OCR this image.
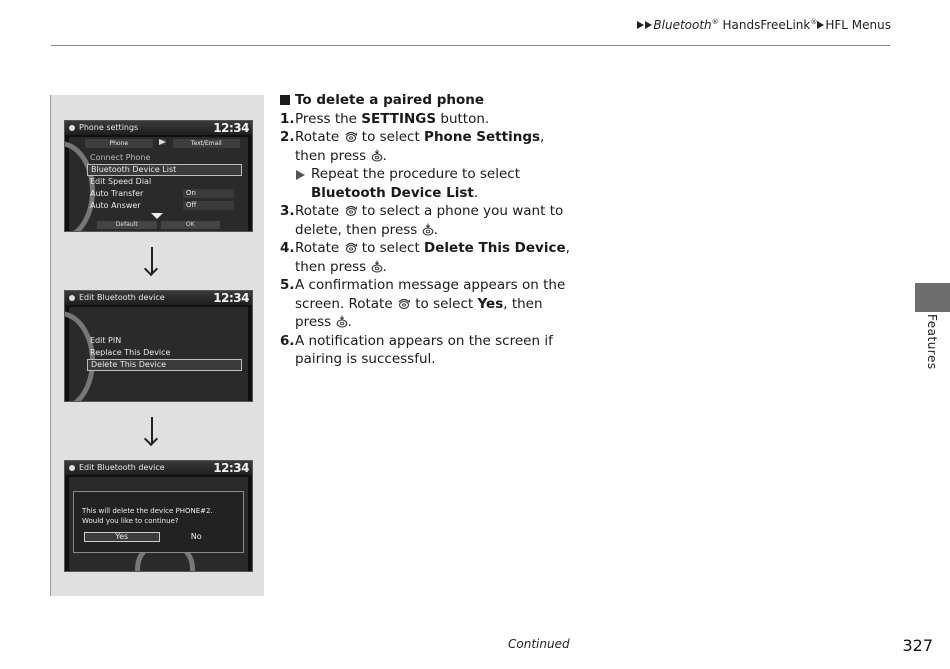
Bluetooth® HandsFreeLink® HFL Menus
Phone settings	12:34
Phone	Text/Email
Connect Phone
Bluetooth Device List
Edit Speed Dial
Auto Transfer	On
Auto Answer	Off
Default	OK
Edit Bluetooth device	12:34
Edit PIN
Replace This Device
Delete This Device
Edit Bluetooth device	12:34
This will delete the device PHONE#2.
Would you like to continue?
Yes	No
To delete a paired phone
1. Press the SETTINGS button.
2. Rotate  to select Phone Settings, then press .
Repeat the procedure to select Bluetooth Device List.
3. Rotate  to select a phone you want to delete, then press .
4. Rotate  to select Delete This Device, then press .
5. A confirmation message appears on the screen. Rotate  to select Yes, then press .
6. A notification appears on the screen if pairing is successful.
Continued	327
Features
